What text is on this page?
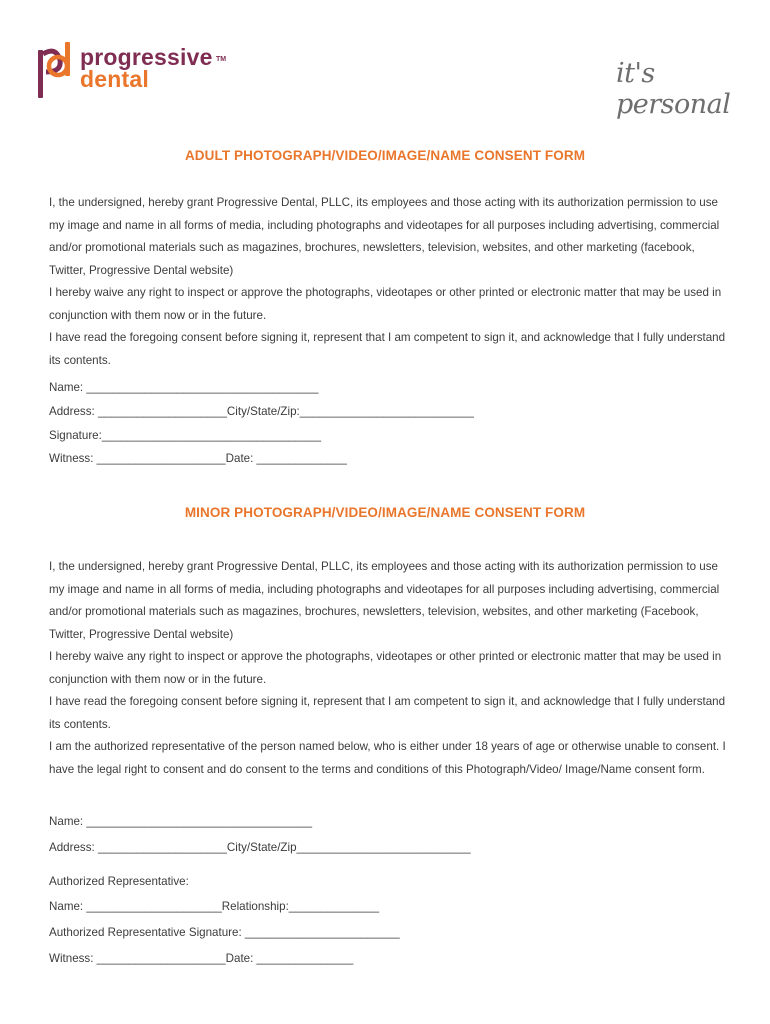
progressive
dental
TM	it's personal
ADULT PHOTOGRAPH/VIDEO/IMAGE/NAME CONSENT FORM

I, the undersigned, hereby grant Progressive Dental, PLLC, its employees and those acting with its authorization permission to use my image and name in all forms of media, including photographs and videotapes for all purposes including advertising, commercial and/or promotional materials such as magazines, brochures, newsletters, television, websites, and other marketing (facebook, Twitter, Progressive Dental website)

I hereby waive any right to inspect or approve the photographs, videotapes or other printed or electronic matter that may be used in conjunction with them now or in the future.

I have read the foregoing consent before signing it, represent that I am competent to sign it, and acknowledge that I fully understand its contents.

Name: ____________________________________
Address: ____________________City/State/Zip:___________________________
Signature:__________________________________
Witness: ____________________Date: ______________
MINOR PHOTOGRAPH/VIDEO/IMAGE/NAME CONSENT FORM

I, the undersigned, hereby grant Progressive Dental, PLLC, its employees and those acting with its authorization permission to use my image and name in all forms of media, including photographs and videotapes for all purposes including advertising, commercial and/or promotional materials such as magazines, brochures, newsletters, television, websites, and other marketing (Facebook, Twitter, Progressive Dental website)

I hereby waive any right to inspect or approve the photographs, videotapes or other printed or electronic matter that may be used in conjunction with them now or in the future.

I have read the foregoing consent before signing it, represent that I am competent to sign it, and acknowledge that I fully understand its contents.

I am the authorized representative of the person named below, who is either under 18 years of age or otherwise unable to consent. I have the legal right to consent and do consent to the terms and conditions of this Photograph/Video/ Image/Name consent form.

Name: ___________________________________
Address: ____________________City/State/Zip___________________________
Authorized Representative:
Name: _____________________Relationship:______________
Authorized Representative Signature: ________________________
Witness: ____________________Date: _______________
